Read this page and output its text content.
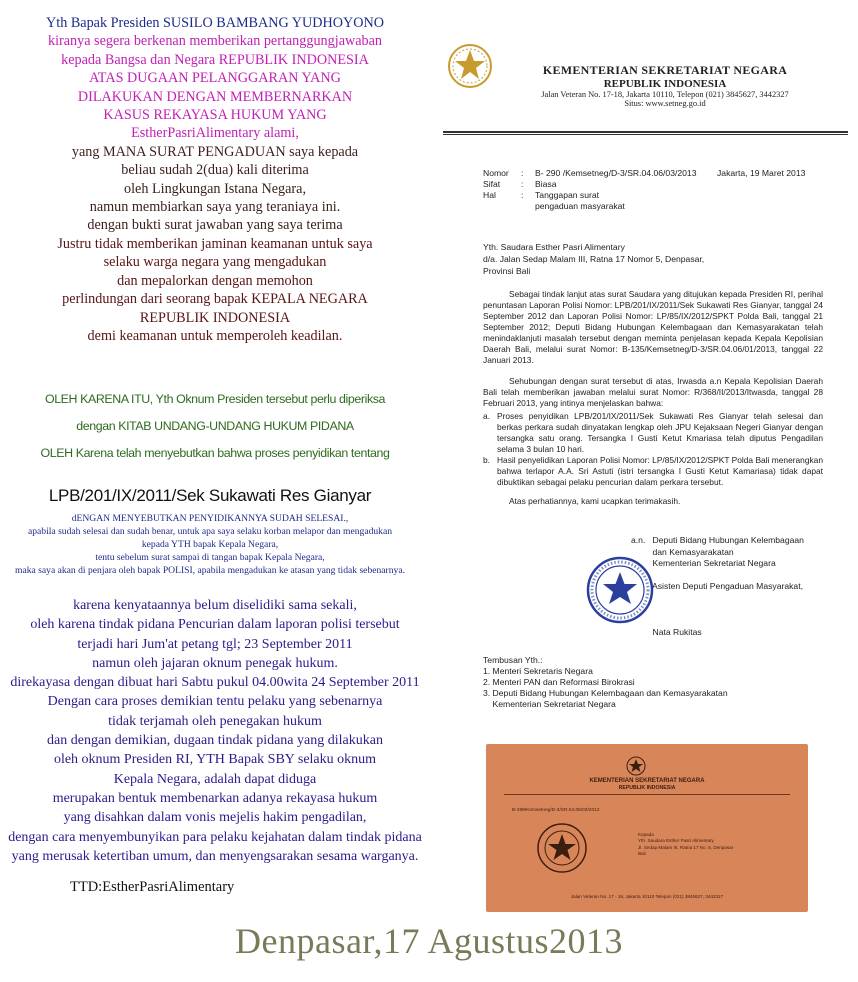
Yth Bapak Presiden SUSILO BAMBANG YUDHOYONO
kiranya segera berkenan memberikan pertanggungjawaban
kepada Bangsa dan Negara REPUBLIK INDONESIA
ATAS DUGAAN PELANGGARAN YANG
DILAKUKAN DENGAN MEMBERNARKAN
KASUS REKAYASA HUKUM YANG
EstherPasriAlimentary alami,
yang MANA SURAT PENGADUAN saya kepada
beliau sudah 2(dua) kali diterima
oleh Lingkungan Istana Negara,
namun membiarkan saya yang teraniaya ini.
dengan bukti surat jawaban yang saya terima
Justru tidak memberikan jaminan keamanan untuk saya
selaku warga negara yang mengadukan
dan mepalorkan dengan memohon
perlindungan dari seorang bapak KEPALA NEGARA
REPUBLIK INDONESIA
demi keamanan untuk memperoleh keadilan.
OLEH KARENA ITU, Yth Oknum Presiden tersebut perlu diperiksa
dengan KITAB UNDANG-UNDANG HUKUM PIDANA
OLEH Karena telah menyebutkan bahwa proses penyidikan tentang
LPB/201/IX/2011/Sek Sukawati Res Gianyar
dENGAN MENYEBUTKAN PENYIDIKANNYA SUDAH SELESAI.,
apabila sudah selesai dan sudah benar, untuk apa saya selaku korban melapor dan mengadukan
kepada YTH bapak Kepala Negara,
tentu sebelum surat sampai di tangan bapak Kepala Negara,
maka saya akan di penjara oleh bapak POLISI, apabila mengadukan ke atasan yang tidak sebenarnya.
karena kenyataannya belum diselidiki sama sekali,
oleh karena tindak pidana Pencurian dalam laporan polisi tersebut
terjadi hari Jum'at petang tgl; 23 September 2011
namun oleh jajaran oknum penegak hukum.
direkayasa dengan dibuat hari Sabtu pukul 04.00wita 24 September 2011
Dengan cara proses demikian tentu pelaku yang sebenarnya
tidak terjamah oleh penegakan hukum
dan dengan demikian, dugaan tindak pidana yang dilakukan
oleh oknum Presiden RI, YTH Bapak SBY selaku oknum
Kepala Negara, adalah dapat diduga
merupakan bentuk membenarkan adanya rekayasa hukum
yang disahkan dalam vonis mejelis hakim pengadilan,
dengan cara menyembunyikan para pelaku kejahatan dalam tindak pidana
yang merusak ketertiban umum, dan menyengsarakan sesama warganya.
TTD:EstherPasriAlimentary
Denpasar,17 Agustus2013
KEMENTERIAN SEKRETARIAT NEGARA
REPUBLIK INDONESIA
Jalan Veteran No. 17-18, Jakarta 10110, Telepon (021) 3845627, 3442327
Situs: www.setneg.go.id
Nomor	:	B- 290 /Kemsetneg/D-3/SR.04.06/03/2013
Sifat	:	Biasa
Hal	:	Tanggapan surat
pengaduan masyarakat
Jakarta, 19 Maret 2013
Yth. Saudara Esther Pasri Alimentary
d/a. Jalan Sedap Malam III, Ratna 17 Nomor 5, Denpasar,
Provinsi Bali

Sebagai tindak lanjut atas surat Saudara yang ditujukan kepada Presiden RI, perihal penuntasan Laporan Polisi Nomor: LPB/201/IX/2011/Sek Sukawati Res Gianyar, tanggal 24 September 2012 dan Laporan Polisi Nomor: LP/85/IX/2012/SPKT Polda Bali, tanggal 21 September 2012; Deputi Bidang Hubungan Kelembagaan dan Kemasyarakatan telah menindaklanjuti masalah tersebut dengan meminta penjelasan kepada Kepala Kepolisian Daerah Bali, melalui surat Nomor: B-135/Kemsetneg/D-3/SR.04.06/01/2013, tanggal 22 Januari 2013.

Sehubungan dengan surat tersebut di atas, Irwasda a.n Kepala Kepolisian Daerah Bali telah memberikan jawaban melalui surat Nomor: R/368/II/2013/Itwasda, tanggal 28 Februari 2013, yang intinya menjelaskan bahwa:

a. Proses penyidikan LPB/201/IX/2011/Sek Sukawati Res Gianyar telah selesai dan berkas perkara sudah dinyatakan lengkap oleh JPU Kejaksaan Negeri Gianyar dengan tersangka satu orang. Tersangka I Gusti Ketut Kmariasa telah diputus Pengadilan selama 3 bulan 10 hari.
b. Hasil penyelidikan Laporan Polisi Nomor: LP/85/IX/2012/SPKT Polda Bali menerangkan bahwa terlapor A.A. Sri Astuti (istri tersangka I Gusti Ketut Kamariasa) tidak dapat dibuktikan sebagai pelaku pencurian dalam perkara tersebut.

Atas perhatiannya, kami ucapkan terimakasih.

a.n.   Deputi Bidang Hubungan Kelembagaan
dan Kemasyarakatan
Kementerian Sekretariat Negara
Asisten Deputi Pengaduan Masyarakat,
Nata Rukitas
Tembusan Yth.:
1. Menteri Sekretaris Negara
2. Menteri PAN dan Reformasi Birokrasi
3. Deputi Bidang Hubungan Kelembagaan dan Kemasyarakatan
Kementerian Sekretariat Negara
KEMENTERIAN SEKRETARIAT NEGARA
REPUBLIK INDONESIA
B-289/Kemsetneg/D-3/SR.04.06/03/2013
Kepada
Yth. Saudara Esther Pasri Alimentary
Jl. Sedap Malam III, Ratna 17 No. 5, Denpasar
Bali
Jalan Veteran No. 17 - 18, Jakarta 10110 Telepon (021) 3845627, 3442327
